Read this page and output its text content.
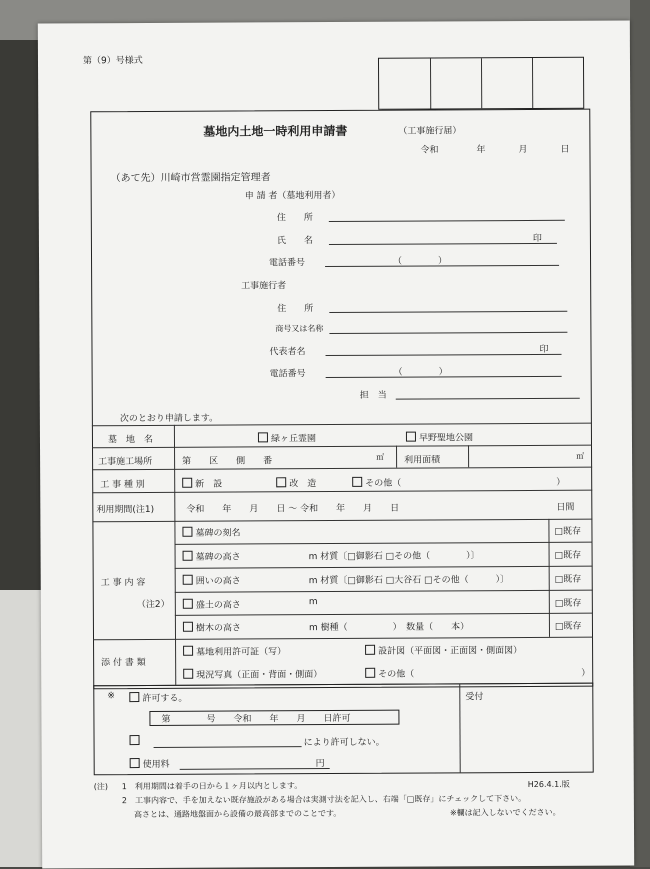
第（9）号様式
墓地内土地一時利用申請書	（工事施行届）
令和	年	月	日
（あて先）川崎市営霊園指定管理者
申 請 者（墓地利用者）
住　　所
氏　　名	印
電話番号	（　　　　）
工事施行者
住　　所
商号又は名称
代表者名	印
電話番号	（　　　　）
担　当
次のとおり申請します。
墓　地　名	緑ヶ丘霊園	早野聖地公園
工事施工場所	第　　区　　側　　番	㎡ 利用面積	㎡
工 事 種 別	新　設	改　造	その他（	）
利用期間(注1)	令和　　年　　月　　日 〜 令和　　年　　月　　日	日間
工 事 内 容
（注2）
墓碑の刻名	□既存
墓碑の高さ	m 材質〔□御影石 □その他（　　　　）〕	□既存
囲いの高さ	m 材質〔□御影石 □大谷石 □その他（　　　）〕	□既存
盛土の高さ	m	□既存
樹木の高さ	m 樹種（　　　　　）　数量（　　本）	□既存
添 付 書 類
墓地利用許可証（写）	設計図（平面図・正面図・側面図）
現況写真（正面・背面・側面）	その他（	）
※	許可する。
第　　　　号　　令和　　年　　月　　日許可
により許可しない。
使用料	円
受付
(注) 1　利用期間は着手の日から１ヶ月以内とします。	H26.4.1.版
2　工事内容で、手を加えない既存施設がある場合は実測寸法を記入し、右端「□既存」にチェックして下さい。
高さとは、通路地盤面から設備の最高部までのことです。	※欄は記入しないでください。
